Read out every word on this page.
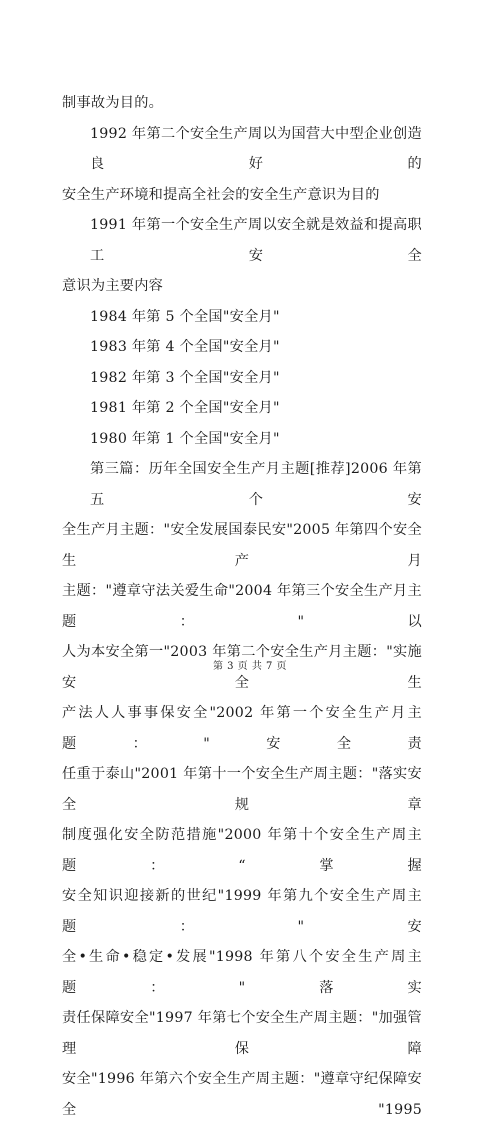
制事故为目的。
1992 年第二个安全生产周以为国营大中型企业创造良好的
安全生产环境和提高全社会的安全生产意识为目的
1991 年第一个安全生产周以安全就是效益和提高职工安全
意识为主要内容
1984 年第 5 个全国"安全月"
1983 年第 4 个全国"安全月"
1982 年第 3 个全国"安全月"
1981 年第 2 个全国"安全月"
1980 年第 1 个全国"安全月"
第三篇：历年全国安全生产月主题[推荐]2006 年第五个安
全生产月主题："安全发展国泰民安"2005 年第四个安全生产月
主题："遵章守法关爱生命"2004 年第三个安全生产月主题："以
人为本安全第一"2003 年第二个安全生产月主题："实施安全生
产法人人事事保安全"2002 年第一个安全生产月主题："安全责
任重于泰山"2001 年第十一个安全生产周主题："落实安全规章
制度强化安全防范措施"2000 年第十个安全生产周主题：“掌握
安全知识迎接新的世纪"1999 年第九个安全生产周主题："安
全•生命•稳定•发展"1998 年第八个安全生产周主题："落实
责任保障安全"1997 年第七个安全生产周主题："加强管理保障
安全"1996 年第六个安全生产周主题："遵章守纪保障安全"1995
第 3 页 共 7 页
